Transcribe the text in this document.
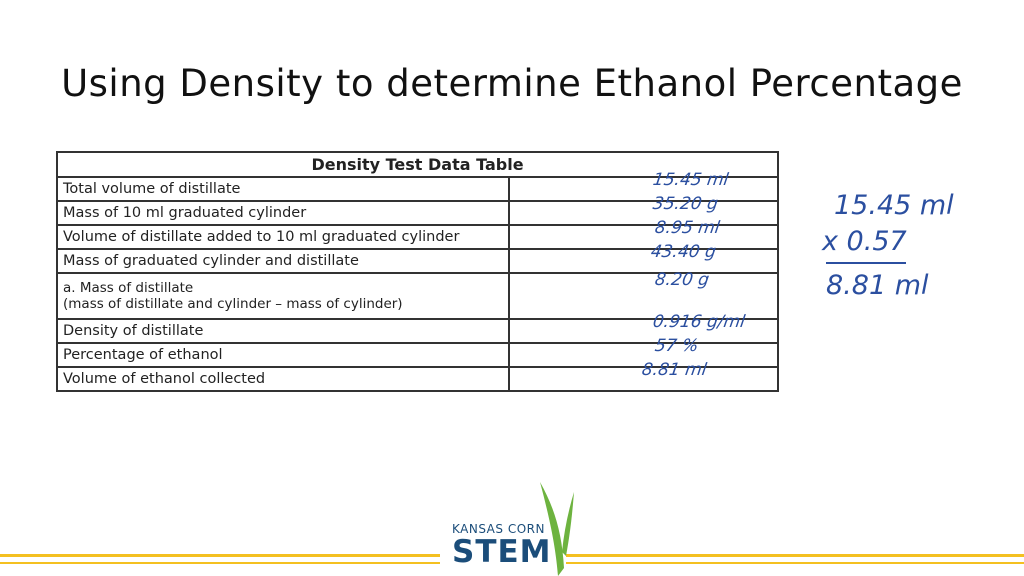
Using Density to determine Ethanol Percentage
Density Test Data Table	
Total volume of distillate	15.45 ml

Mass of 10 ml graduated cylinder	35.20 g

Volume of distillate added to 10 ml graduated cylinder	8.95 ml

Mass of graduated cylinder and distillate	43.40 g

a. Mass of distillate
(mass of distillate and cylinder – mass of cylinder)	8.20 g

Density of distillate	0.916 g/ml

Percentage of ethanol	57 %

Volume of ethanol collected	8.81 ml
15.45 ml
x 0.57
8.81 ml
KANSAS CORN
STEM
